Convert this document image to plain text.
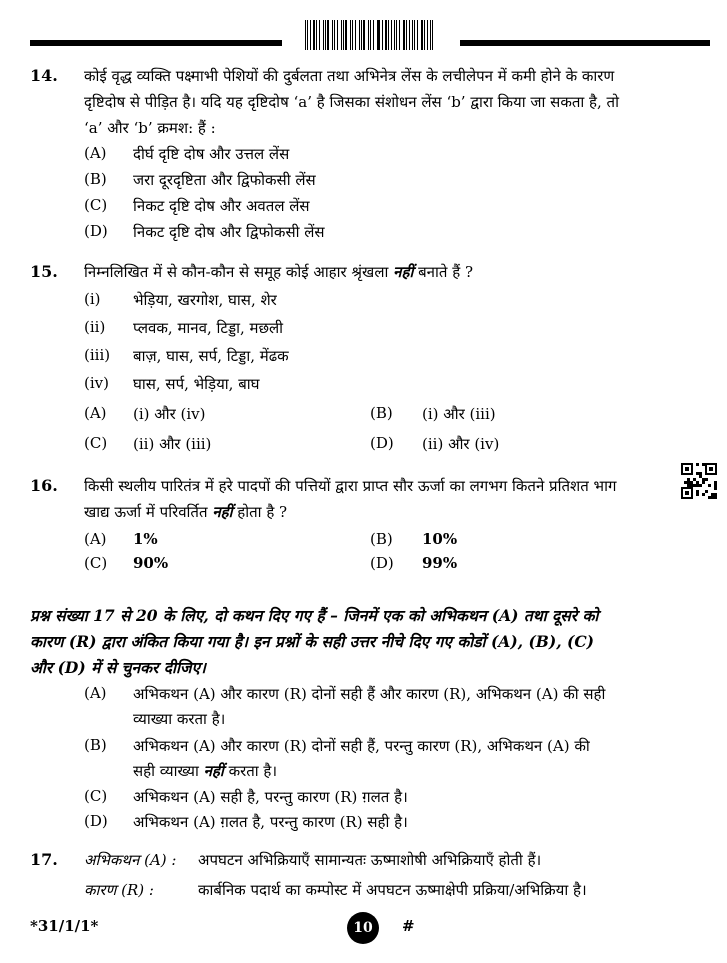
14. कोई वृद्ध व्यक्ति पक्ष्माभी पेशियों की दुर्बलता तथा अभिनेत्र लेंस के लचीलेपन में कमी होने के कारण
दृष्टिदोष से पीड़ित है। यदि यह दृष्टिदोष ‘a’ है जिसका संशोधन लेंस ‘b’ द्वारा किया जा सकता है, तो
‘a’ और ‘b’ क्रमश: हैं :
(A) दीर्घ दृष्टि दोष और उत्तल लेंस
(B) जरा दूरदृष्टिता और द्विफोकसी लेंस
(C) निकट दृष्टि दोष और अवतल लेंस
(D) निकट दृष्टि दोष और द्विफोकसी लेंस
15. निम्नलिखित में से कौन-कौन से समूह कोई आहार श्रृंखला नहीं बनाते हैं ?
(i) भेड़िया, खरगोश, घास, शेर
(ii) प्लवक, मानव, टिड्डा, मछली
(iii) बाज़, घास, सर्प, टिड्डा, मेंढक
(iv) घास, सर्प, भेड़िया, बाघ
(A) (i) और (iv)	(B) (i) और (iii)
(C) (ii) और (iii)	(D) (ii) और (iv)
16. किसी स्थलीय पारितंत्र में हरे पादपों की पत्तियों द्वारा प्राप्त सौर ऊर्जा का लगभग कितने प्रतिशत भाग
खाद्य ऊर्जा में परिवर्तित नहीं होता है ?
(A) 1%	(B) 10%
(C) 90%	(D) 99%
प्रश्न संख्या 17 से 20 के लिए, दो कथन दिए गए हैं – जिनमें एक को अभिकथन (A) तथा दूसरे को
कारण (R) द्वारा अंकित किया गया है। इन प्रश्नों के सही उत्तर नीचे दिए गए कोडों (A), (B), (C)
और (D) में से चुनकर दीजिए।
(A) अभिकथन (A) और कारण (R) दोनों सही हैं और कारण (R), अभिकथन (A) की सही
व्याख्या करता है।
(B) अभिकथन (A) और कारण (R) दोनों सही हैं, परन्तु कारण (R), अभिकथन (A) की
सही व्याख्या नहीं करता है।
(C) अभिकथन (A) सही है, परन्तु कारण (R) ग़लत है।
(D) अभिकथन (A) ग़लत है, परन्तु कारण (R) सही है।
17. अभिकथन (A) : अपघटन अभिक्रियाएँ सामान्यतः ऊष्माशोषी अभिक्रियाएँ होती हैं।
कारण (R) :	कार्बनिक पदार्थ का कम्पोस्ट में अपघटन ऊष्माक्षेपी प्रक्रिया/अभिक्रिया है।
*31/1/1*	10	#
